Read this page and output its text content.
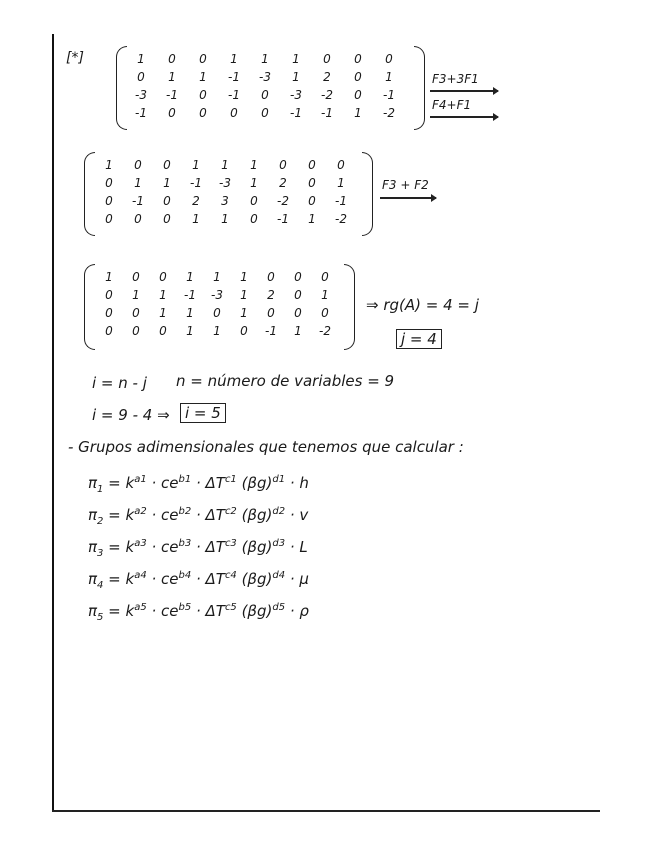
[*]	1	0	0	1	1	1	0	0	0
0	1	1	-1	-3	1	2	0	1
-3	-1	0	-1	0	-3	-2	0	-1
-1	0	0	0	0	-1	-1	1	-2
F3+3F1
F4+F1
1	0	0	1	1	1	0	0	0
0	1	1	-1	-3	1	2	0	1
0	-1	0	2	3	0	-2	0	-1
0	0	0	1	1	0	-1	1	-2
F3 + F2
1	0	0	1	1	1	0	0	0
0	1	1	-1	-3	1	2	0	1
0	0	1	1	0	1	0	0	0
0	0	0	1	1	0	-1	1	-2
⇒ rg(A) = 4 = j
j = 4
i = n - j n = número de variables = 9
i = 9 - 4 ⇒	i = 5
- Grupos adimensionales que tenemos que calcular :
$\pi_1 = k^{a1} \cdot ce^{b1} \cdot \Delta T^{c1}$ $(\beta g)^{d1} \cdot h$
$\pi_2 = k^{a2} \cdot ce^{b2} \cdot \Delta T^{c2}$ $(\beta g)^{d2} \cdot v$
$\pi_3 = k^{a3} \cdot ce^{b3} \cdot \Delta T^{c3}$ $(\beta g)^{d3} \cdot L$
$\pi_4 = k^{a4} \cdot ce^{b4} \cdot \Delta T^{c4}$ $(\beta g)^{d4} \cdot \mu$
$\pi_5 = k^{a5} \cdot ce^{b5} \cdot \Delta T^{c5}$ $(\beta g)^{d5} \cdot \rho$
